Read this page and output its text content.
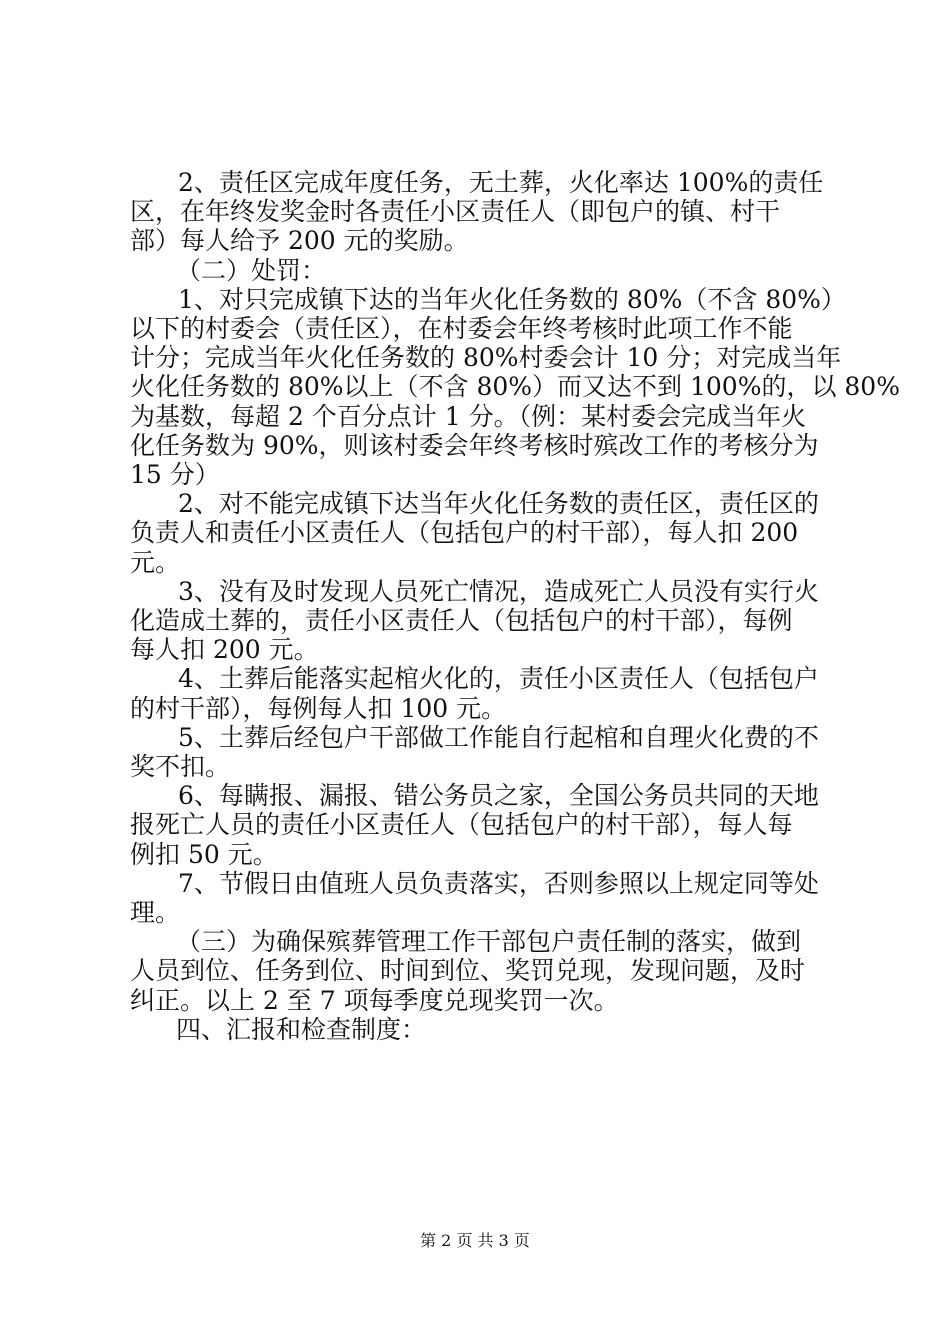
2、责任区完成年度任务，无土葬，火化率达 100%的责任
区，在年终发奖金时各责任小区责任人（即包户的镇、村干
部）每人给予 200 元的奖励。
（二）处罚：
1、对只完成镇下达的当年火化任务数的 80%（不含 80%）
以下的村委会（责任区），在村委会年终考核时此项工作不能
计分；完成当年火化任务数的 80%村委会计 10 分；对完成当年
火化任务数的 80%以上（不含 80%）而又达不到 100%的，以 80%
为基数，每超 2 个百分点计 1 分。（例：某村委会完成当年火
化任务数为 90%，则该村委会年终考核时殡改工作的考核分为
15 分）
2、对不能完成镇下达当年火化任务数的责任区，责任区的
负责人和责任小区责任人（包括包户的村干部），每人扣 200
元。
3、没有及时发现人员死亡情况，造成死亡人员没有实行火
化造成土葬的，责任小区责任人（包括包户的村干部），每例
每人扣 200 元。
4、土葬后能落实起棺火化的，责任小区责任人（包括包户
的村干部），每例每人扣 100 元。
5、土葬后经包户干部做工作能自行起棺和自理火化费的不
奖不扣。
6、每瞒报、漏报、错公务员之家，全国公务员共同的天地
报死亡人员的责任小区责任人（包括包户的村干部），每人每
例扣 50 元。
7、节假日由值班人员负责落实，否则参照以上规定同等处
理。
（三）为确保殡葬管理工作干部包户责任制的落实，做到
人员到位、任务到位、时间到位、奖罚兑现，发现问题，及时
纠正。以上 2 至 7 项每季度兑现奖罚一次。
四、汇报和检查制度：
第 2 页 共 3 页
